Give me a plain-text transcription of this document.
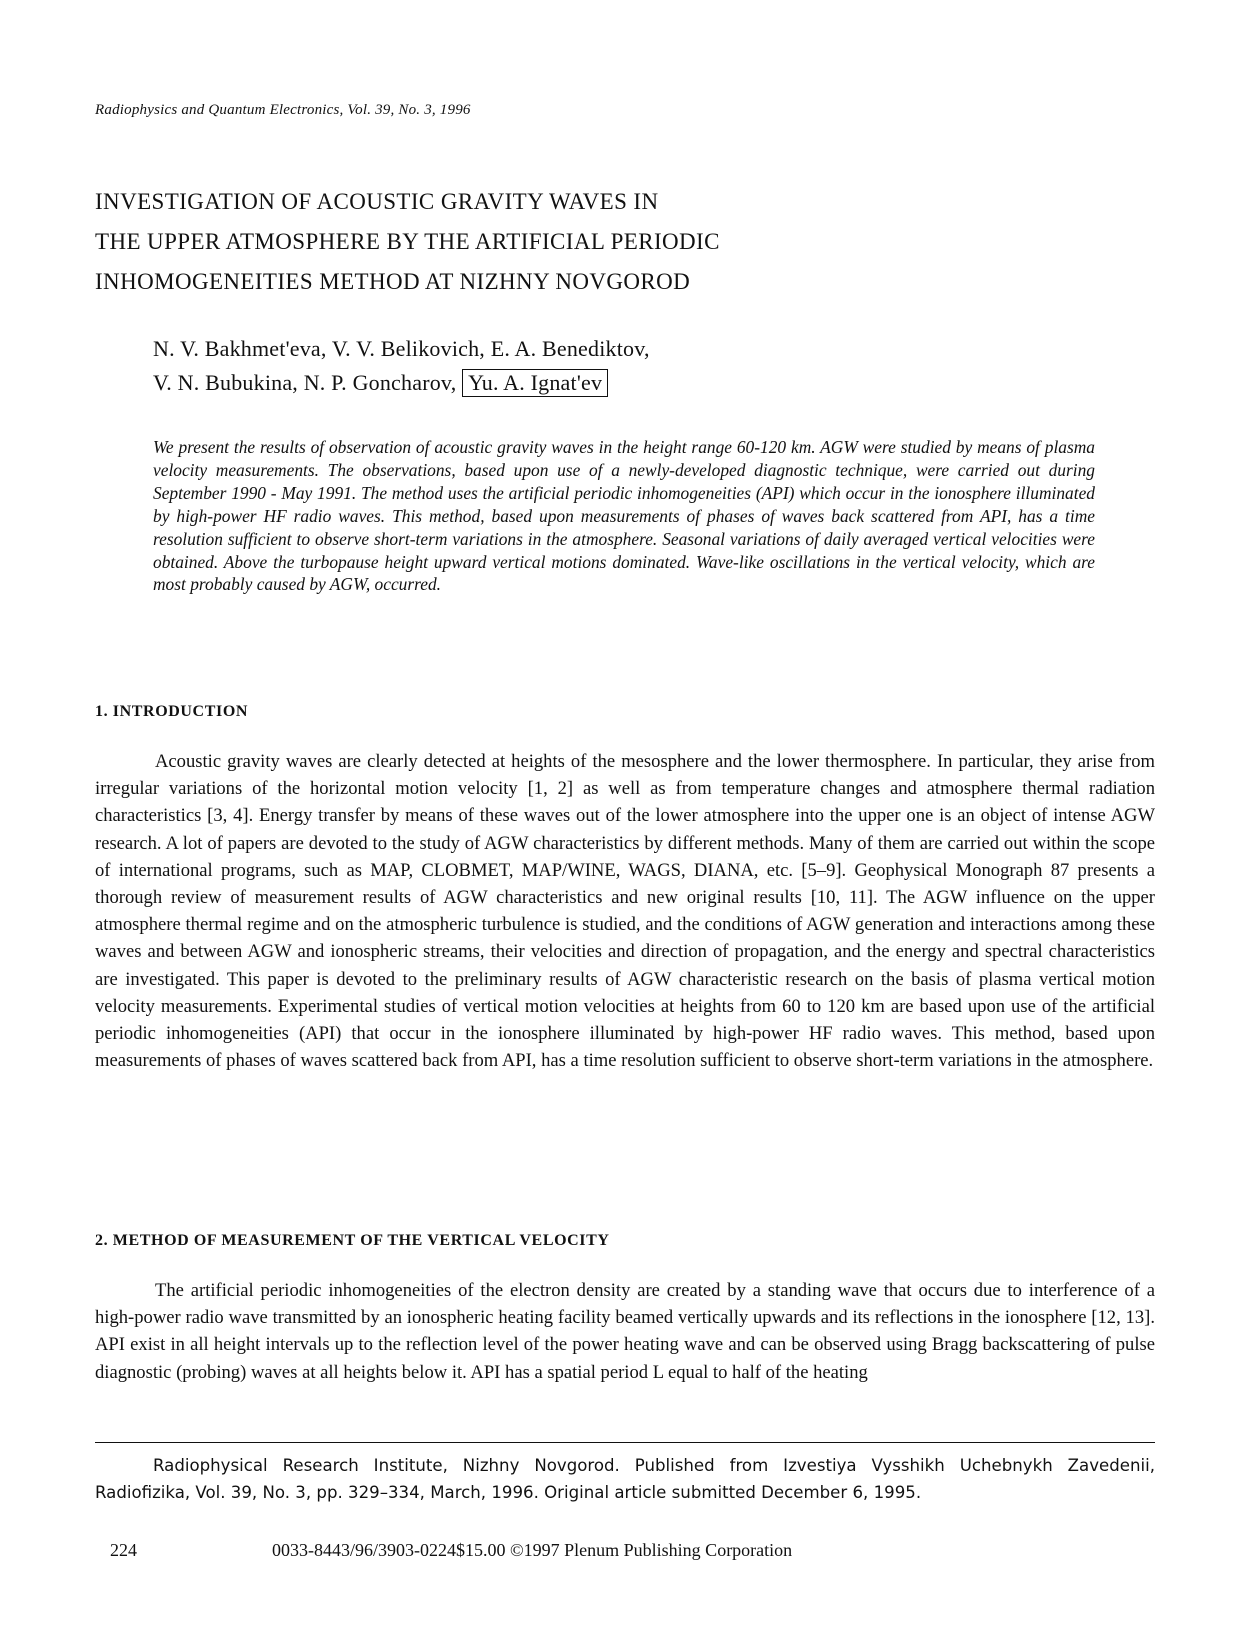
Radiophysics and Quantum Electronics, Vol. 39, No. 3, 1996
INVESTIGATION OF ACOUSTIC GRAVITY WAVES IN
THE UPPER ATMOSPHERE BY THE ARTIFICIAL PERIODIC
INHOMOGENEITIES METHOD AT NIZHNY NOVGOROD
N. V. Bakhmet'eva, V. V. Belikovich, E. A. Benediktov,
V. N. Bubukina, N. P. Goncharov, Yu. A. Ignat'ev
We present the results of observation of acoustic gravity waves in the height range 60-120 km. AGW were studied by means of plasma velocity measurements. The observations, based upon use of a newly-developed diagnostic technique, were carried out during September 1990 - May 1991. The method uses the artificial periodic inhomogeneities (API) which occur in the ionosphere illuminated by high-power HF radio waves. This method, based upon measurements of phases of waves back scattered from API, has a time resolution sufficient to observe short-term variations in the atmosphere. Seasonal variations of daily averaged vertical velocities were obtained. Above the turbopause height upward vertical motions dominated. Wave-like oscillations in the vertical velocity, which are most probably caused by AGW, occurred.
1. INTRODUCTION
Acoustic gravity waves are clearly detected at heights of the mesosphere and the lower thermosphere. In particular, they arise from irregular variations of the horizontal motion velocity [1, 2] as well as from temperature changes and atmosphere thermal radiation characteristics [3, 4]. Energy transfer by means of these waves out of the lower atmosphere into the upper one is an object of intense AGW research. A lot of papers are devoted to the study of AGW characteristics by different methods. Many of them are carried out within the scope of international programs, such as MAP, CLOBMET, MAP/WINE, WAGS, DIANA, etc. [5–9]. Geophysical Monograph 87 presents a thorough review of measurement results of AGW characteristics and new original results [10, 11]. The AGW influence on the upper atmosphere thermal regime and on the atmospheric turbulence is studied, and the conditions of AGW generation and interactions among these waves and between AGW and ionospheric streams, their velocities and direction of propagation, and the energy and spectral characteristics are investigated. This paper is devoted to the preliminary results of AGW characteristic research on the basis of plasma vertical motion velocity measurements. Experimental studies of vertical motion velocities at heights from 60 to 120 km are based upon use of the artificial periodic inhomogeneities (API) that occur in the ionosphere illuminated by high-power HF radio waves. This method, based upon measurements of phases of waves scattered back from API, has a time resolution sufficient to observe short-term variations in the atmosphere.
2. METHOD OF MEASUREMENT OF THE VERTICAL VELOCITY
The artificial periodic inhomogeneities of the electron density are created by a standing wave that occurs due to interference of a high-power radio wave transmitted by an ionospheric heating facility beamed vertically upwards and its reflections in the ionosphere [12, 13]. API exist in all height intervals up to the reflection level of the power heating wave and can be observed using Bragg backscattering of pulse diagnostic (probing) waves at all heights below it. API has a spatial period L equal to half of the heating
Radiophysical Research Institute, Nizhny Novgorod. Published from Izvestiya Vysshikh Uchebnykh Zavedenii, Radiofizika, Vol. 39, No. 3, pp. 329–334, March, 1996. Original article submitted December 6, 1995.
224	0033-8443/96/3903-0224$15.00 ©1997 Plenum Publishing Corporation
